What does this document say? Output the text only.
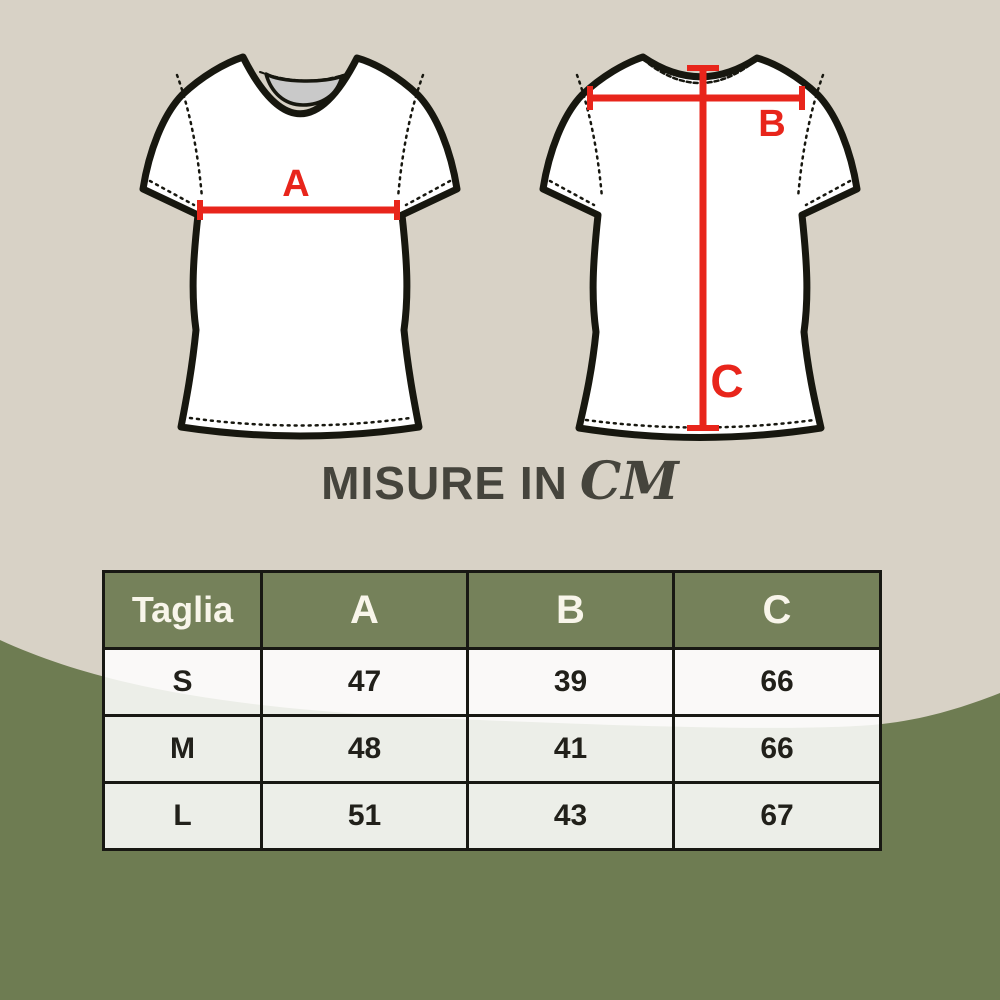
A
B
C
MISURE IN CM
Taglia	A	B	C
S	47	39	66
M	48	41	66
L	51	43	67
